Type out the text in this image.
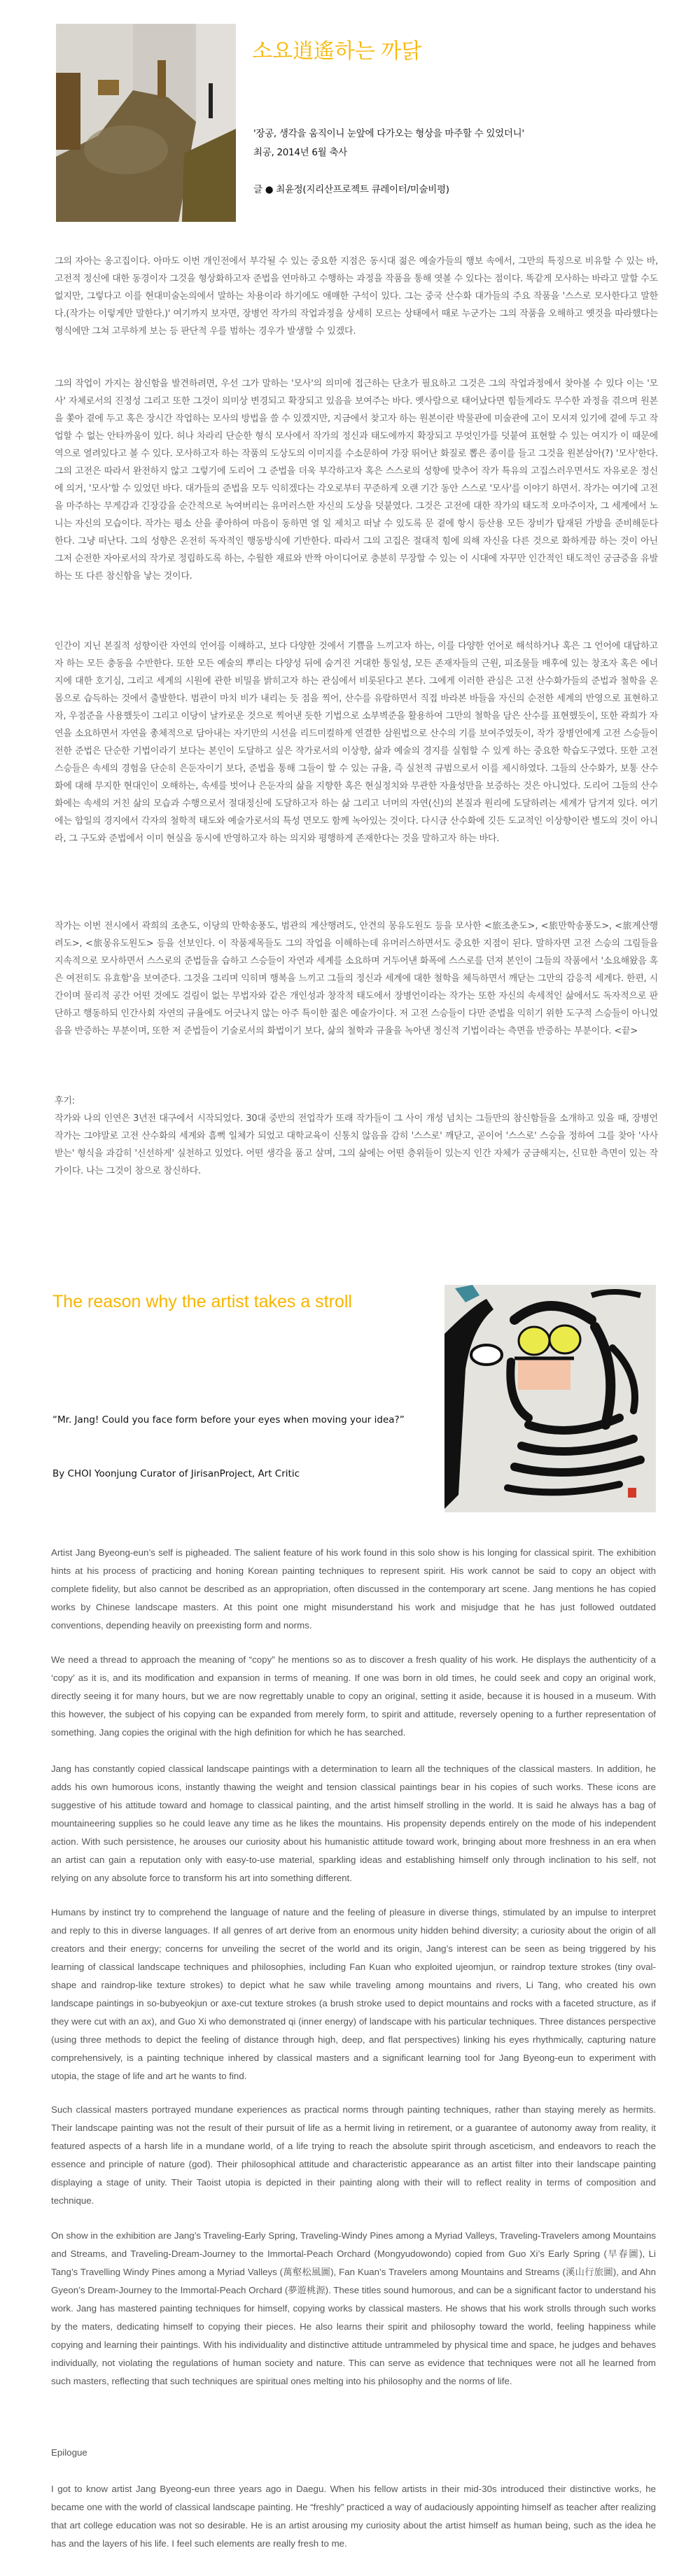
소요逍遙하는 까닭
'장공, 생각을 움직이니 눈앞에 다가오는 형상을 마주할 수 있었더니'
최공, 2014년 6월 축사
글 ● 최윤정(지리산프로젝트 큐레이터/미술비평)

그의 자아는 옹고집이다. 아마도 이번 개인전에서 부각될 수 있는 중요한 지점은 동시대 젊은 예술가들의 행보 속에서, 그만의 특징으로 비유할 수 있는 바, 고전적 정신에 대한 동경이자 그것을 형상화하고자 준법을 연마하고 수행하는 과정을 작품을 통해 엿볼 수 있다는 점이다. 똑같게 모사하는 바라고 말할 수도 없지만, 그렇다고 이를 현대미술논의에서 말하는 차용이라 하기에도 애매한 구석이 있다. 그는 중국 산수화 대가들의 주요 작품을 '스스로 모사한다고 말한다.(작가는 이렇게만 말한다.)' 여기까지 보자면, 장병언 작가의 작업과정을 상세히 모르는 상태에서 때로 누군가는 그의 작품을 오해하고 옛것을 따라했다는 형식에만 그쳐 고루하게 보는 등 판단적 우를 범하는 경우가 발생할 수 있겠다.

그의 작업이 가지는 참신함을 발견하려면, 우선 그가 말하는 '모사'의 의미에 접근하는 단초가 필요하고 그것은 그의 작업과정에서 찾아볼 수 있다 이는 '모사' 자체로서의 진정성 그리고 또한 그것이 의미상 변경되고 확장되고 있음을 보여주는 바다. 옛사람으로 태어났다면 힘들게라도 무수한 과정을 겪으며 원본을 쫓아 곁에 두고 혹은 장시간 작업하는 모사의 방법을 쓸 수 있겠지만, 지금에서 찾고자 하는 원본이란 박물관에 미술관에 고이 모셔져 있기에 곁에 두고 작업할 수 없는 안타까움이 있다. 허나 차라리 단순한 형식 모사에서 작가의 정신과 태도에까지 확장되고 무엇인가를 덧붙여 표현할 수 있는 여지가 이 때문에 역으로 열려있다고 볼 수 있다. 모사하고자 하는 작품의 도상도의 이미지를 수소문하여 가장 뛰어난 화질로 뽑은 종이를 들고 그것을 원본삼아(?) '모사'한다. 그의 고전은 따라서 완전하지 않고 그렇기에 도리어 그 준법을 더욱 부각하고자 혹은 스스로의 성향에 맞추어 작가 특유의 고집스러우면서도 자유로운 정신에 의거, '모사'할 수 있었던 바다. 대가들의 준법을 모두 익히겠다는 각오로부터 꾸준하게 오랜 기간 동안 스스로 '모사'를 이야기 하면서. 작가는 여기에 고전을 마주하는 무게감과 긴장감을 순간적으로 녹여버리는 유머러스한 자신의 도상을 덧붙였다. 그것은 고전에 대한 작가의 태도적 오마주이자, 그 세계에서 노니는 자신의 모습이다. 작가는 평소 산을 좋아하여 마음이 동하면 열 일 제치고 떠날 수 있도록 문 곁에 항시 등산용 모든 장비가 탑재된 가방을 준비해둔다 한다. 그냥 떠난다. 그의 성향은 온전히 독자적인 행동방식에 기반한다. 따라서 그의 고집은 절대적 힘에 의해 자신을 다른 것으로 화하게끔 하는 것이 아닌 그저 순전한 자아로서의 작가로 정립하도록 하는, 수월한 재료와 반짝 아이디어로 충분히 무장할 수 있는 이 시대에 자꾸만 인간적인 태도적인 궁금증을 유발하는 또 다른 참신함을 낳는 것이다.

인간이 지닌 본질적 성향이란 자연의 언어를 이해하고, 보다 다양한 것에서 기쁨을 느끼고자 하는, 이를 다양한 언어로 해석하거나 혹은 그 언어에 대답하고자 하는 모든 충동을 수반한다. 또한 모든 예술의 뿌리는 다양성 뒤에 숨겨진 거대한 통일성, 모든 존재자들의 근원, 피조물들 배후에 있는 창조자 혹은 에너지에 대한 호기심, 그리고 세계의 시원에 관한 비밀을 밝히고자 하는 관심에서 비롯된다고 본다. 그에게 이러한 관심은 고전 산수화가들의 준법과 철학을 온몸으로 습득하는 것에서 출발한다. 범관이 마치 비가 내리는 듯 점을 찍어, 산수를 유람하면서 직접 바라본 바들을 자신의 순전한 세계의 반영으로 표현하고자, 우점준을 사용했듯이 그리고 이당이 날카로운 것으로 찍어낸 듯한 기법으로 소부벽준을 활용하여 그만의 철학을 담은 산수를 표현했듯이, 또한 곽희가 자연을 소요하면서 자연을 총체적으로 담아내는 자기만의 시선을 리드미컬하게 연결한 삼원법으로 산수의 기를 보여주었듯이, 작가 장병언에게 고전 스승들이 전한 준법은 단순한 기법이라기 보다는 본인이 도달하고 싶은 작가로서의 이상향, 삶과 예술의 경지를 실험할 수 있게 하는 중요한 학습도구였다. 또한 고전스승들은 속세의 경험을 단순히 은둔자이기 보다, 준법을 통해 그들이 할 수 있는 규율, 즉 실천적 규범으로서 이를 제시하였다. 그들의 산수화가, 보통 산수화에 대해 무지한 현대인이 오해하는, 속세를 벗어나 은둔자의 삶을 지향한 혹은 현실정치와 무관한 자율성만을 보증하는 것은 아니었다. 도리어 그들의 산수화에는 속세의 거친 삶의 모습과 수행으로서 절대정신에 도달하고자 하는 삶 그리고 너머의 자연(신)의 본질과 원리에 도달하려는 세계가 담겨져 있다. 여기에는 합일의 경지에서 각자의 철학적 태도와 예술가로서의 특성 면모도 함께 녹아있는 것이다. 다시금 산수화에 깃든 도교적인 이상향이란 별도의 것이 아니라, 그 구도와 준법에서 이미 현실을 동시에 반영하고자 하는 의지와 평행하게 존재한다는 것을 말하고자 하는 바다.

작가는 이번 전시에서 곽희의 조춘도, 이당의 만학송풍도, 범관의 계산행려도, 안견의 몽유도원도 등을 모사한 <旅조춘도>, <旅만학송풍도>, <旅계산행려도>, <旅몽유도원도> 등을 선보인다. 이 작품제목들도 그의 작업을 이해하는데 유머러스하면서도 중요한 지점이 된다. 말하자면 고전 스승의 그림들을 지속적으로 모사하면서 스스로의 준법들을 습하고 스승들이 자연과 세계를 소요하며 거두어낸 화폭에 스스로를 던져 본인이 그들의 작품에서 '소요해왔음 혹은 여전히도 유효함'을 보여준다. 그것을 그리며 익히며 행복을 느끼고 그들의 정신과 세계에 대한 철학을 체득하면서 깨닫는 그만의 감응적 세계다. 한편, 시간이며 물리적 공간 어떤 것에도 걸림이 없는 무법자와 같은 개인성과 창작적 태도에서 장병언이라는 작가는 또한 자신의 속세적인 삶에서도 독자적으로 판단하고 행동하되 인간사회 자연의 규율에도 어긋나지 않는 아주 특이한 젊은 예술가이다. 저 고전 스승들이 다만 준법을 익히기 위한 도구적 스승들이 아니었음을 반증하는 부분이며, 또한 저 준법들이 기술로서의 화법이기 보다, 삶의 철학과 규율을 녹아낸 정신적 기법이라는 측면을 반증하는 부분이다. <끝>

후기:

작가와 나의 인연은 3년전 대구에서 시작되었다. 30대 중반의 전업작가 또래 작가들이 그 사이 개성 넘치는 그들만의 참신함들을 소개하고 있을 때, 장병언 작가는 그야말로 고전 산수화의 세계와 흠뻑 일체가 되었고 대학교육이 신통치 않음을 감히 '스스로' 깨닫고, 곧이어 '스스로' 스승을 정하여 그를 찾아 '사사받는' 형식을 과감히 '신선하게' 실천하고 있었다. 어떤 생각을 품고 살며, 그의 삶에는 어떤 층위들이 있는지 인간 자체가 궁금해지는, 신묘한 측면이 있는 작가이다. 나는 그것이 참으로 참신하다.

The reason why the artist takes a stroll
“Mr. Jang! Could you face form before your eyes when moving your idea?”
By CHOI Yoonjung Curator of JirisanProject, Art Critic

Artist Jang Byeong-eun’s self is pigheaded. The salient feature of his work found in this solo show is his longing for classical spirit. The exhibition hints at his process of practicing and honing Korean painting techniques to represent spirit. His work cannot be said to copy an object with complete fidelity, but also cannot be described as an appropriation, often discussed in the contemporary art scene. Jang mentions he has copied works by Chinese landscape masters. At this point one might misunderstand his work and misjudge that he has just followed outdated conventions, depending heavily on preexisting form and norms.

We need a thread to approach the meaning of “copy” he mentions so as to discover a fresh quality of his work. He displays the authenticity of a ‘copy’ as it is, and its modification and expansion in terms of meaning. If one was born in old times, he could seek and copy an original work, directly seeing it for many hours, but we are now regrettably unable to copy an original, setting it aside, because it is housed in a museum. With this however, the subject of his copying can be expanded from merely form, to spirit and attitude, reversely opening to a further representation of something. Jang copies the original with the high definition for which he has searched.

Jang has constantly copied classical landscape paintings with a determination to learn all the techniques of the classical masters. In addition, he adds his own humorous icons, instantly thawing the weight and tension classical paintings bear in his copies of such works. These icons are suggestive of his attitude toward and homage to classical painting, and the artist himself strolling in the world. It is said he always has a bag of mountaineering supplies so he could leave any time as he likes the mountains. His propensity depends entirely on the mode of his independent action. With such persistence, he arouses our curiosity about his humanistic attitude toward work, bringing about more freshness in an era when an artist can gain a reputation only with easy-to-use material, sparkling ideas and establishing himself only through inclination to his self, not relying on any absolute force to transform his art into something different.

Humans by instinct try to comprehend the language of nature and the feeling of pleasure in diverse things, stimulated by an impulse to interpret and reply to this in diverse languages. If all genres of art derive from an enormous unity hidden behind diversity; a curiosity about the origin of all creators and their energy; concerns for unveiling the secret of the world and its origin, Jang’s interest can be seen as being triggered by his learning of classical landscape techniques and philosophies, including Fan Kuan who exploited ujeomjun, or raindrop texture strokes (tiny oval-shape and raindrop-like texture strokes) to depict what he saw while traveling among mountains and rivers, Li Tang, who created his own landscape paintings in so-bubyeokjun or axe-cut texture strokes (a brush stroke used to depict mountains and rocks with a faceted structure, as if they were cut with an ax), and Guo Xi who demonstrated qi (inner energy) of landscape with his particular techniques. Three distances perspective (using three methods to depict the feeling of distance through high, deep, and flat perspectives) linking his eyes rhythmically, capturing nature comprehensively, is a painting technique inhered by classical masters and a significant learning tool for Jang Byeong-eun to experiment with utopia, the stage of life and art he wants to find.

Such classical masters portrayed mundane experiences as practical norms through painting techniques, rather than staying merely as hermits. Their landscape painting was not the result of their pursuit of life as a hermit living in retirement, or a guarantee of autonomy away from reality, it featured aspects of a harsh life in a mundane world, of a life trying to reach the absolute spirit through asceticism, and endeavors to reach the essence and principle of nature (god). Their philosophical attitude and characteristic appearance as an artist filter into their landscape painting displaying a stage of unity. Their Taoist utopia is depicted in their painting along with their will to reflect reality in terms of composition and technique.

On show in the exhibition are Jang’s Traveling-Early Spring, Traveling-Windy Pines among a Myriad Valleys, Traveling-Travelers among Mountains and Streams, and Traveling-Dream-Journey to the Immortal-Peach Orchard (Mongyudowondo) copied from Guo Xi’s Early Spring (早春圖), Li Tang’s Travelling Windy Pines among a Myriad Valleys (萬壑松風圖), Fan Kuan’s Travelers among Mountains and Streams (溪山行旅圖), and Ahn Gyeon’s Dream-Journey to the Immortal-Peach Orchard (夢遊桃源). These titles sound humorous, and can be a significant factor to understand his work. Jang has mastered painting techniques for himself, copying works by classical masters. He shows that his work strolls through such works by the maters, dedicating himself to copying their pieces. He also learns their spirit and philosophy toward the world, feeling happiness while copying and learning their paintings. With his individuality and distinctive attitude untrammeled by physical time and space, he judges and behaves individually, not violating the regulations of human society and nature. This can serve as evidence that techniques were not all he learned from such masters, reflecting that such techniques are spiritual ones melting into his philosophy and the norms of life.

Epilogue

I got to know artist Jang Byeong-eun three years ago in Daegu. When his fellow artists in their mid-30s introduced their distinctive works, he became one with the world of classical landscape painting. He “freshly” practiced a way of audaciously appointing himself as teacher after realizing that art college education was not so desirable. He is an artist arousing my curiosity about the artist himself as human being, such as the idea he has and the layers of his life. I feel such elements are really fresh to me.
